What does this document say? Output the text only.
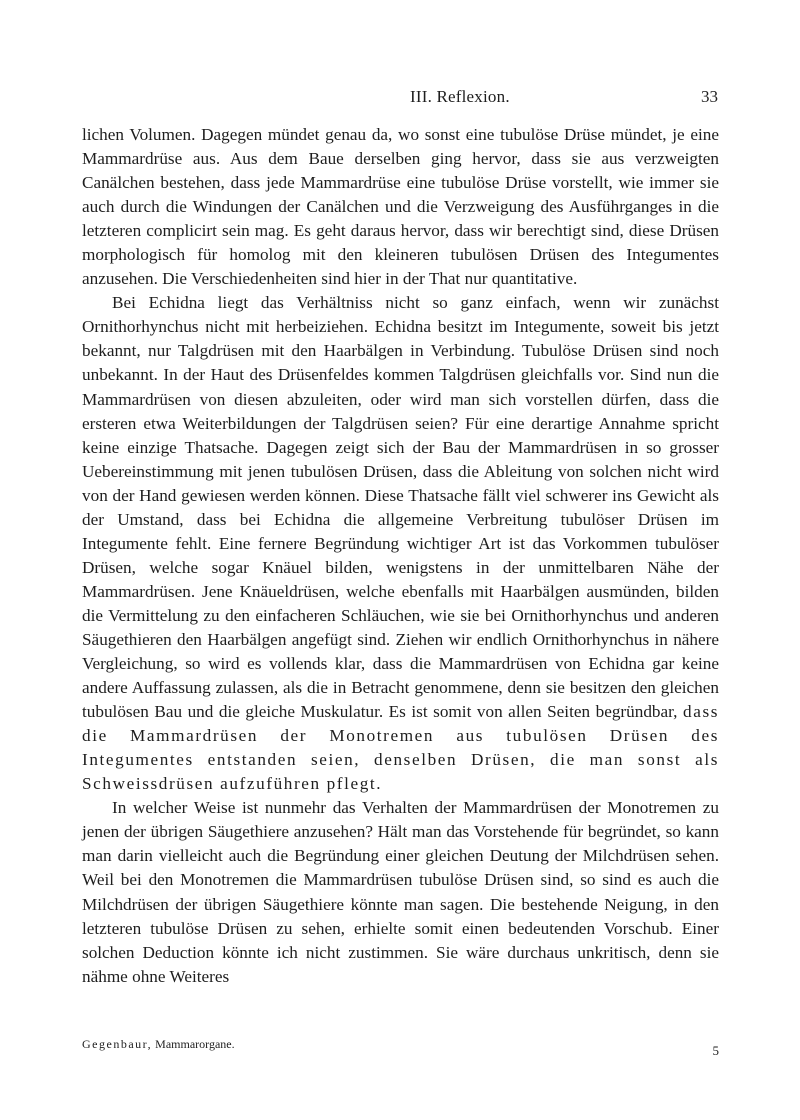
III. Reflexion.	33

lichen Volumen. Dagegen mündet genau da, wo sonst eine tubulöse Drüse mündet, je eine Mammardrüse aus. Aus dem Baue derselben ging hervor, dass sie aus verzweigten Canälchen bestehen, dass jede Mammardrüse eine tubulöse Drüse vorstellt, wie immer sie auch durch die Windungen der Canälchen und die Verzweigung des Ausführganges in die letzteren complicirt sein mag. Es geht daraus hervor, dass wir berechtigt sind, diese Drüsen morphologisch für homolog mit den kleineren tubulösen Drüsen des Integumentes anzusehen. Die Verschiedenheiten sind hier in der That nur quantitative.

Bei Echidna liegt das Verhältniss nicht so ganz einfach, wenn wir zunächst Ornithorhynchus nicht mit herbeiziehen. Echidna besitzt im Integumente, soweit bis jetzt bekannt, nur Talgdrüsen mit den Haarbälgen in Verbindung. Tubulöse Drüsen sind noch unbekannt. In der Haut des Drüsenfeldes kommen Talgdrüsen gleichfalls vor. Sind nun die Mammardrüsen von diesen abzuleiten, oder wird man sich vorstellen dürfen, dass die ersteren etwa Weiterbildungen der Talgdrüsen seien? Für eine derartige Annahme spricht keine einzige Thatsache. Dagegen zeigt sich der Bau der Mammardrüsen in so grosser Uebereinstimmung mit jenen tubulösen Drüsen, dass die Ableitung von solchen nicht wird von der Hand gewiesen werden können. Diese Thatsache fällt viel schwerer ins Gewicht als der Umstand, dass bei Echidna die allgemeine Verbreitung tubulöser Drüsen im Integumente fehlt. Eine fernere Begründung wichtiger Art ist das Vorkommen tubulöser Drüsen, welche sogar Knäuel bilden, wenigstens in der unmittelbaren Nähe der Mammardrüsen. Jene Knäueldrüsen, welche ebenfalls mit Haarbälgen ausmünden, bilden die Vermittelung zu den einfacheren Schläuchen, wie sie bei Ornithorhynchus und anderen Säugethieren den Haarbälgen angefügt sind. Ziehen wir endlich Ornithorhynchus in nähere Vergleichung, so wird es vollends klar, dass die Mammardrüsen von Echidna gar keine andere Auffassung zulassen, als die in Betracht genommene, denn sie besitzen den gleichen tubulösen Bau und die gleiche Muskulatur. Es ist somit von allen Seiten begründbar, dass die Mammardrüsen der Monotremen aus tubulösen Drüsen des Integumentes entstanden seien, denselben Drüsen, die man sonst als Schweissdrüsen aufzuführen pflegt.

In welcher Weise ist nunmehr das Verhalten der Mammardrüsen der Monotremen zu jenen der übrigen Säugethiere anzusehen? Hält man das Vorstehende für begründet, so kann man darin vielleicht auch die Begründung einer gleichen Deutung der Milchdrüsen sehen. Weil bei den Monotremen die Mammardrüsen tubulöse Drüsen sind, so sind es auch die Milchdrüsen der übrigen Säugethiere könnte man sagen. Die bestehende Neigung, in den letzteren tubulöse Drüsen zu sehen, erhielte somit einen bedeutenden Vorschub. Einer solchen Deduction könnte ich nicht zustimmen. Sie wäre durchaus unkritisch, denn sie nähme ohne Weiteres

Gegenbaur, Mammarorgane.	5
